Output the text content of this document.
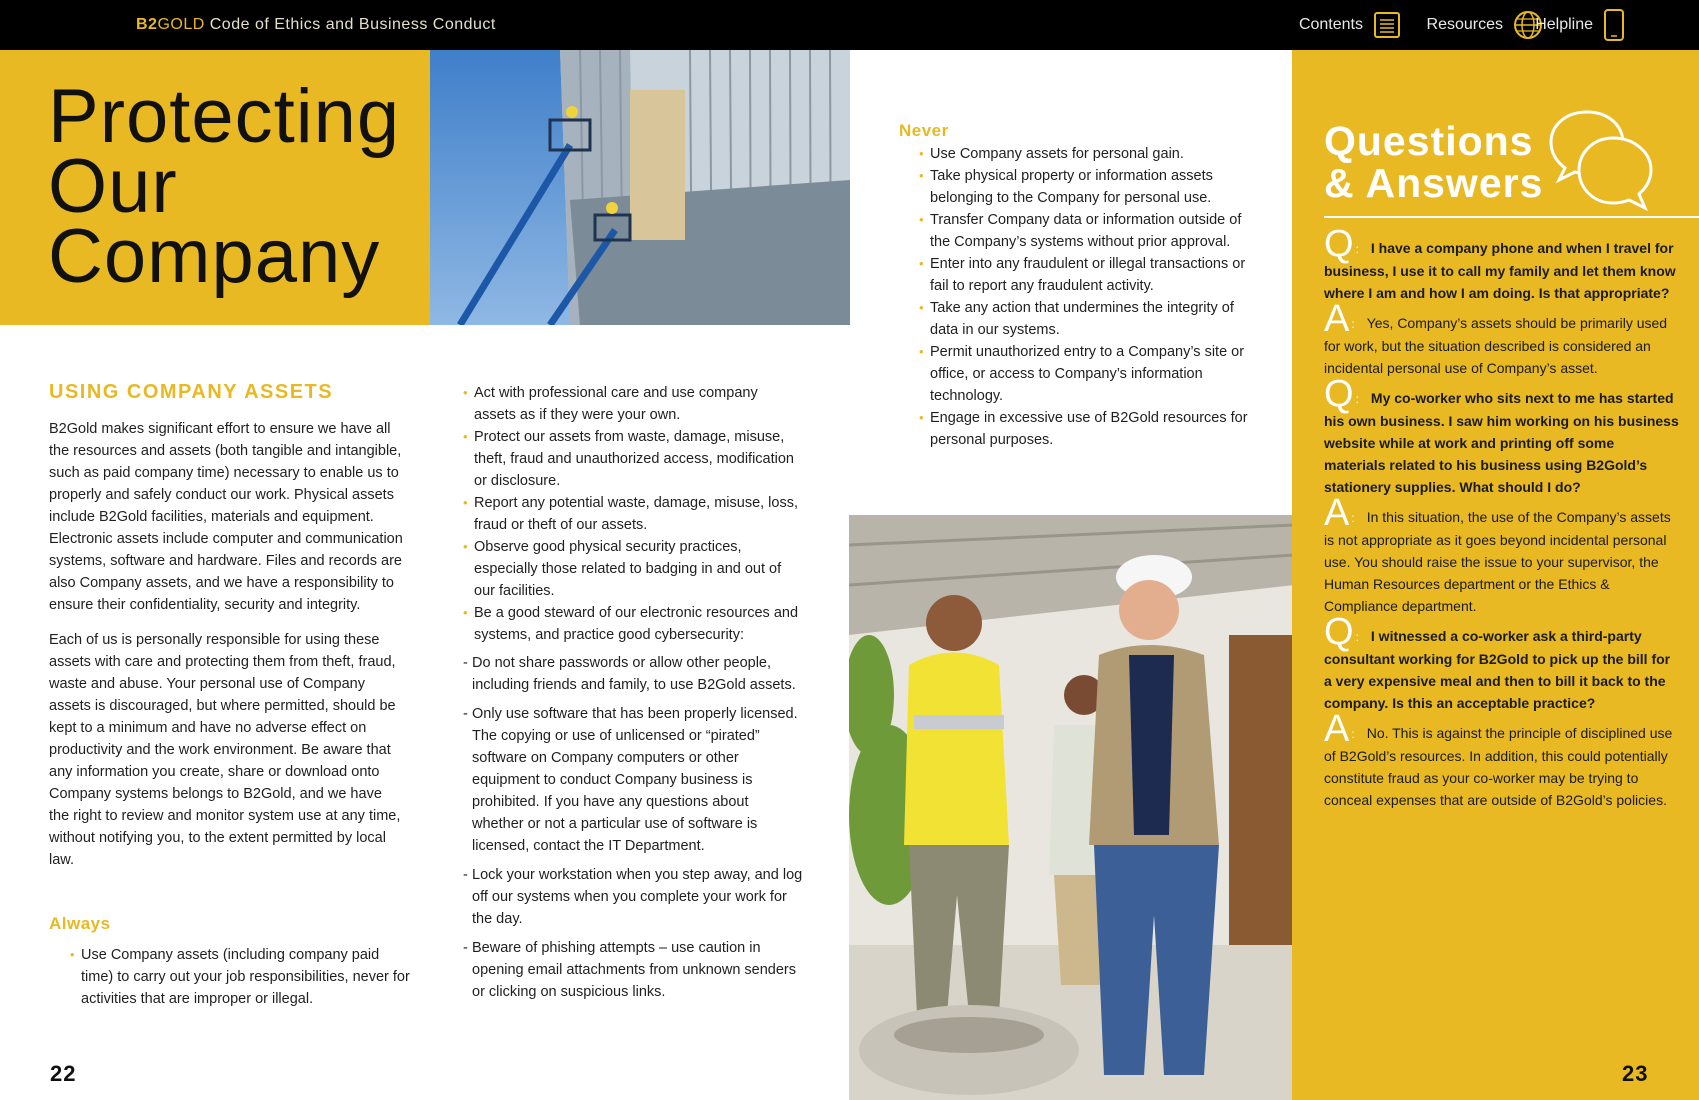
B2GOLD Code of Ethics and Business Conduct	Contents	Resources Helpline
Protecting
Our
Company
USING COMPANY ASSETS

B2Gold makes significant effort to ensure we have all the resources and assets (both tangible and intangible, such as paid company time) necessary to enable us to properly and safely conduct our work. Physical assets include B2Gold facilities, materials and equipment. Electronic assets include computer and communication systems, software and hardware. Files and records are also Company assets, and we have a responsibility to ensure their confidentiality, security and integrity.

Each of us is personally responsible for using these assets with care and protecting them from theft, fraud, waste and abuse. Your personal use of Company assets is discouraged, but where permitted, should be kept to a minimum and have no adverse effect on productivity and the work environment. Be aware that any information you create, share or download onto Company systems belongs to B2Gold, and we have the right to review and monitor system use at any time, without notifying you, to the extent permitted by local law.

Always
• Use Company assets (including company paid time) to carry out your job responsibilities, never for activities that are improper or illegal.
• Act with professional care and use company assets as if they were your own.
• Protect our assets from waste, damage, misuse, theft, fraud and unauthorized access, modification or disclosure.
• Report any potential waste, damage, misuse, loss, fraud or theft of our assets.
• Observe good physical security practices, especially those related to badging in and out of our facilities.
• Be a good steward of our electronic resources and systems, and practice good cybersecurity:
- Do not share passwords or allow other people, including friends and family, to use B2Gold assets.
- Only use software that has been properly licensed. The copying or use of unlicensed or “pirated” software on Company computers or other equipment to conduct Company business is prohibited. If you have any questions about whether or not a particular use of software is licensed, contact the IT Department.
- Lock your workstation when you step away, and log off our systems when you complete your work for the day.
- Beware of phishing attempts – use caution in opening email attachments from unknown senders or clicking on suspicious links.

22

Never
• Use Company assets for personal gain.
• Take physical property or information assets belonging to the Company for personal use.
• Transfer Company data or information outside of the Company’s systems without prior approval.
• Enter into any fraudulent or illegal transactions or fail to report any fraudulent activity.
• Take any action that undermines the integrity of data in our systems.
• Permit unauthorized entry to a Company’s site or office, or access to Company’s information technology.
• Engage in excessive use of B2Gold resources for personal purposes.
Questions
& Answers

Q : I have a company phone and when I travel for business, I use it to call my family and let them know where I am and how I am doing. Is that appropriate?

A : Yes, Company’s assets should be primarily used for work, but the situation described is considered an incidental personal use of Company’s asset.

Q : My co-worker who sits next to me has started his own business. I saw him working on his business website while at work and printing off some materials related to his business using B2Gold’s stationery supplies. What should I do?

A : In this situation, the use of the Company’s assets is not appropriate as it goes beyond incidental personal use. You should raise the issue to your supervisor, the Human Resources department or the Ethics & Compliance department.

Q : I witnessed a co-worker ask a third-party consultant working for B2Gold to pick up the bill for a very expensive meal and then to bill it back to the company. Is this an acceptable practice?

A : No. This is against the principle of disciplined use of B2Gold’s resources. In addition, this could potentially constitute fraud as your co-worker may be trying to conceal expenses that are outside of B2Gold’s policies.

23
